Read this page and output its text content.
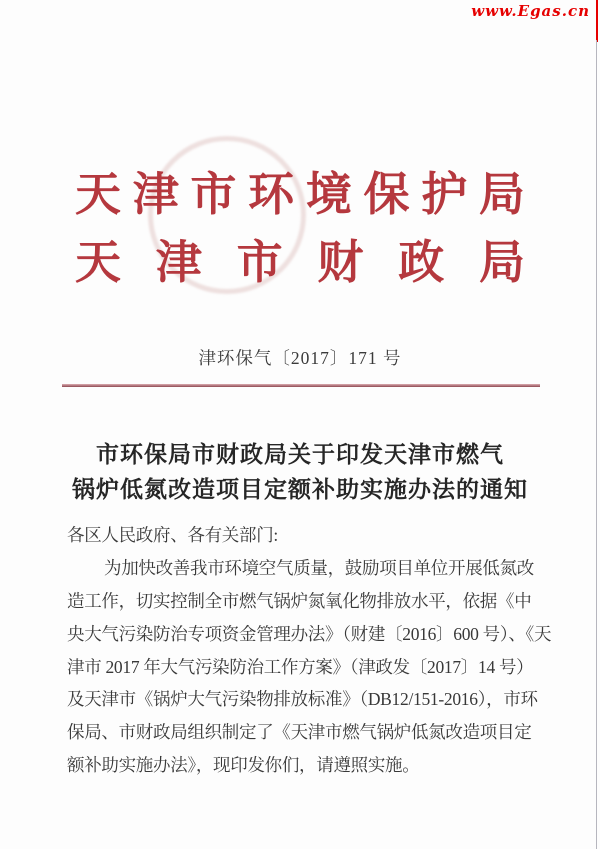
www.Egas.cn
天 津 市 环 境 保 护 局
天 津 市 财 政 局
津环保气〔2017〕171 号
市环保局市财政局关于印发天津市燃气
锅炉低氮改造项目定额补助实施办法的通知
各区人民政府、各有关部门:
为加快改善我市环境空气质量，鼓励项目单位开展低氮改
造工作，切实控制全市燃气锅炉氮氧化物排放水平，依据《中
央大气污染防治专项资金管理办法》（财建〔2016〕600 号）、《天
津市 2017 年大气污染防治工作方案》（津政发〔2017〕14 号）
及天津市《锅炉大气污染物排放标准》（DB12/151-2016），市环
保局、市财政局组织制定了《天津市燃气锅炉低氮改造项目定
额补助实施办法》，现印发你们，请遵照实施。
